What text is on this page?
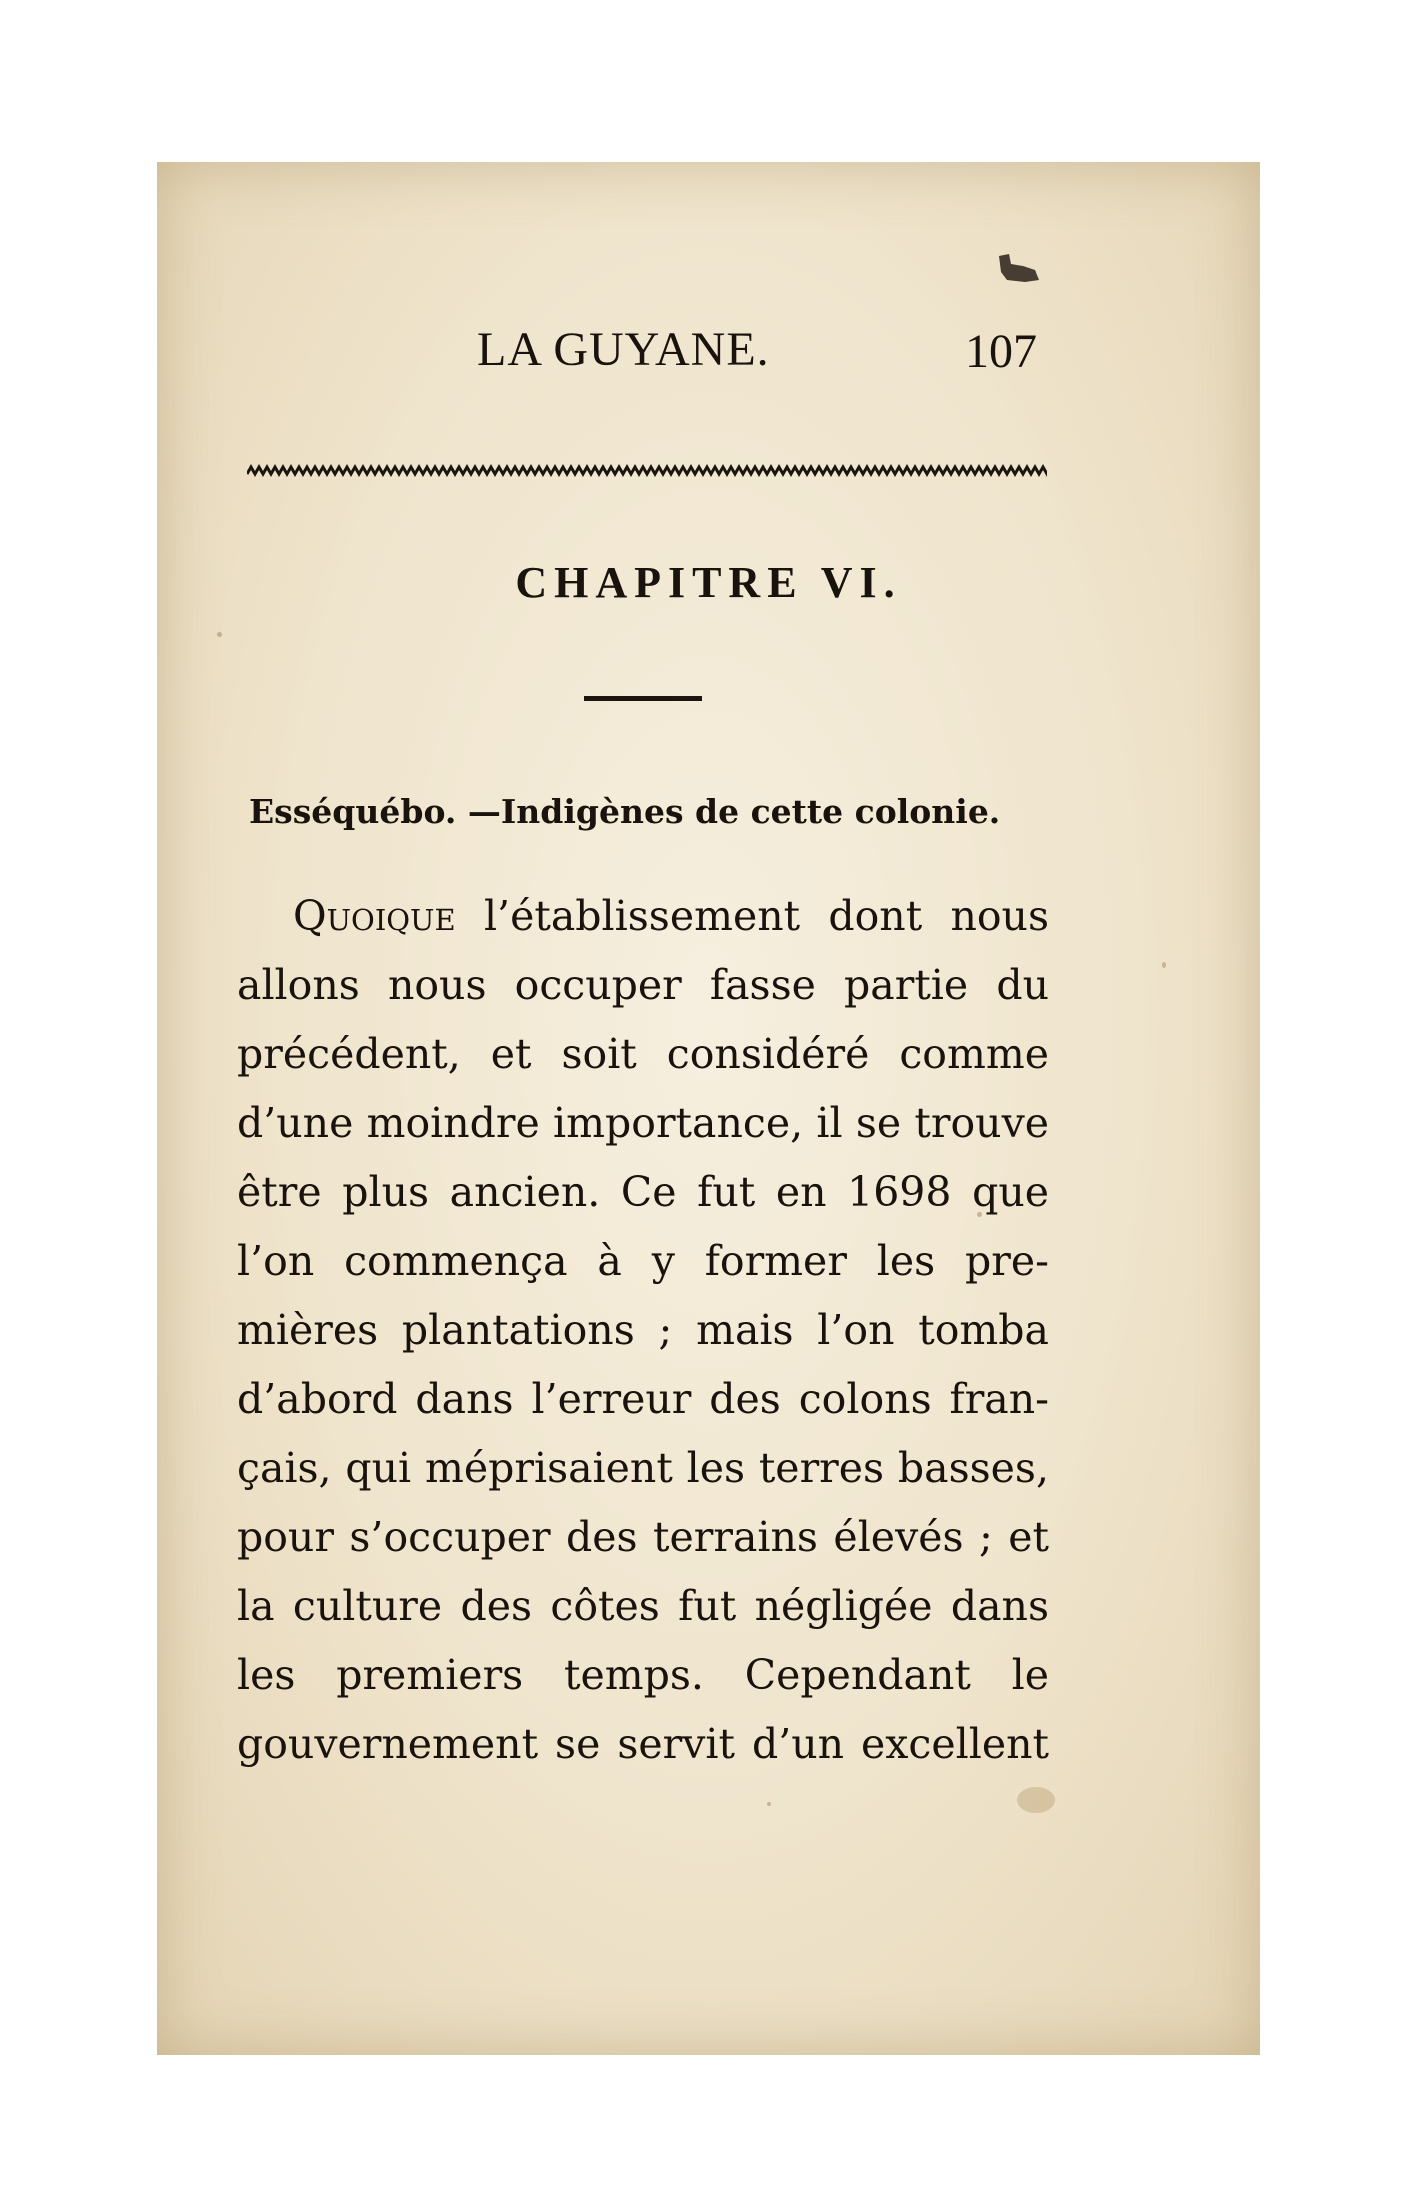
LA GUYANE.	107
CHAPITRE VI.
Esséquébo. —Indigènes de cette colonie.
Quoique l’établissement dont nous
allons nous occuper fasse partie du
précédent, et soit considéré comme
d’une moindre importance, il se trouve
être plus ancien. Ce fut en 1698 que
l’on commença à y former les pre-
mières plantations ; mais l’on tomba
d’abord dans l’erreur des colons fran-
çais, qui méprisaient les terres basses,
pour s’occuper des terrains élevés ; et
la culture des côtes fut négligée dans
les premiers temps. Cependant le
gouvernement se servit d’un excellent
